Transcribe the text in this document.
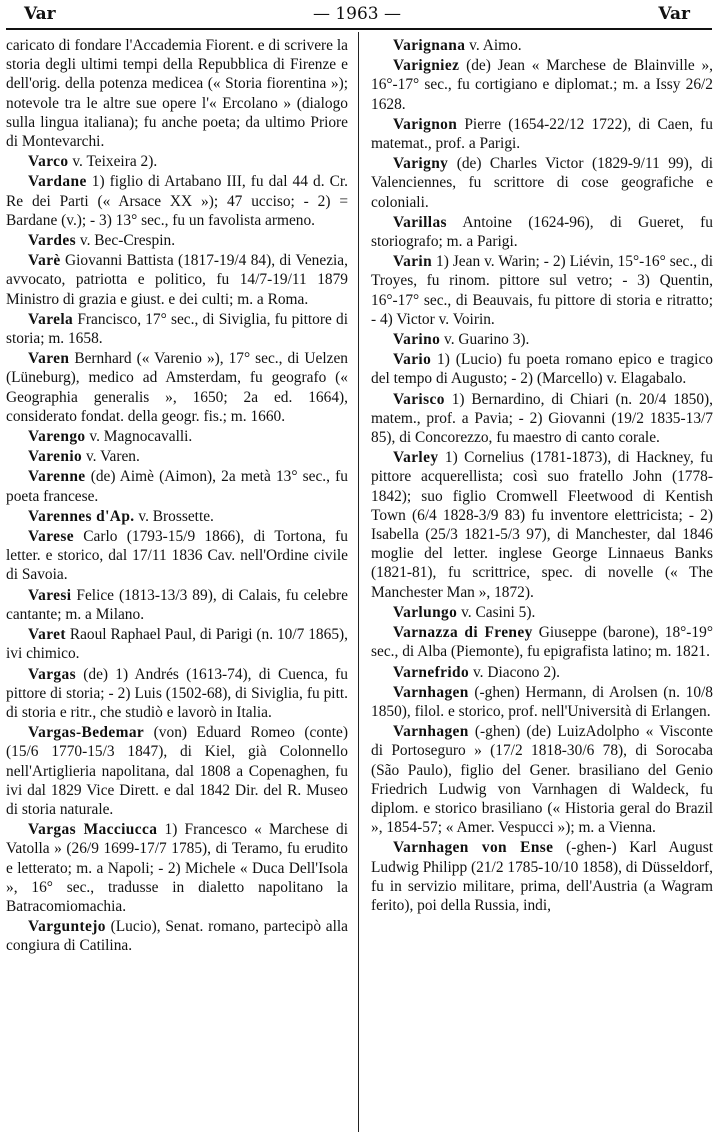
Var	— 1963 —	Var

caricato di fondare l'Accademia Fiorent. e di scrivere la storia degli ultimi tempi della Repubblica di Firenze e dell'orig. della potenza medicea (« Storia fiorentina »); notevole tra le altre sue opere l'« Ercolano » (dialogo sulla lingua italiana); fu anche poeta; da ultimo Priore di Montevarchi.

Varco v. Teixeira 2).

Vardane 1) figlio di Artabano III, fu dal 44 d. Cr. Re dei Parti (« Arsace XX »); 47 ucciso; - 2) = Bardane (v.); - 3) 13° sec., fu un favolista armeno.

Vardes v. Bec-Crespin.

Varè Giovanni Battista (1817-19/4 84), di Venezia, avvocato, patriotta e politico, fu 14/7-19/11 1879 Ministro di grazia e giust. e dei culti; m. a Roma.

Varela Francisco, 17° sec., di Siviglia, fu pittore di storia; m. 1658.

Varen Bernhard (« Varenio »), 17° sec., di Uelzen (Lüneburg), medico ad Amsterdam, fu geografo (« Geographia generalis », 1650; 2a ed. 1664), considerato fondat. della geogr. fis.; m. 1660.

Varengo v. Magnocavalli.

Varenio v. Varen.

Varenne (de) Aimè (Aimon), 2a metà 13° sec., fu poeta francese.

Varennes d'Ap. v. Brossette.

Varese Carlo (1793-15/9 1866), di Tortona, fu letter. e storico, dal 17/11 1836 Cav. nell'Ordine civile di Savoia.

Varesi Felice (1813-13/3 89), di Calais, fu celebre cantante; m. a Milano.

Varet Raoul Raphael Paul, di Parigi (n. 10/7 1865), ivi chimico.

Vargas (de) 1) Andrés (1613-74), di Cuenca, fu pittore di storia; - 2) Luis (1502-68), di Siviglia, fu pitt. di storia e ritr., che studiò e lavorò in Italia.

Vargas-Bedemar (von) Eduard Romeo (conte) (15/6 1770-15/3 1847), di Kiel, già Colonnello nell'Artiglieria napolitana, dal 1808 a Copenaghen, fu ivi dal 1829 Vice Dirett. e dal 1842 Dir. del R. Museo di storia naturale.

Vargas Macciucca 1) Francesco « Marchese di Vatolla » (26/9 1699-17/7 1785), di Teramo, fu erudito e letterato; m. a Napoli; - 2) Michele « Duca Dell'Isola », 16° sec., tradusse in dialetto napolitano la Batracomiomachia.

Varguntejo (Lucio), Senat. romano, partecipò alla congiura di Catilina.

Varignana v. Aimo.

Varigniez (de) Jean « Marchese de Blainville », 16°-17° sec., fu cortigiano e diplomat.; m. a Issy 26/2 1628.

Varignon Pierre (1654-22/12 1722), di Caen, fu matemat., prof. a Parigi.

Varigny (de) Charles Victor (1829-9/11 99), di Valenciennes, fu scrittore di cose geografiche e coloniali.

Varillas Antoine (1624-96), di Gueret, fu storiografo; m. a Parigi.

Varin 1) Jean v. Warin; - 2) Liévin, 15°-16° sec., di Troyes, fu rinom. pittore sul vetro; - 3) Quentin, 16°-17° sec., di Beauvais, fu pittore di storia e ritratto; - 4) Victor v. Voirin.

Varino v. Guarino 3).

Vario 1) (Lucio) fu poeta romano epico e tragico del tempo di Augusto; - 2) (Marcello) v. Elagabalo.

Varisco 1) Bernardino, di Chiari (n. 20/4 1850), matem., prof. a Pavia; - 2) Giovanni (19/2 1835-13/7 85), di Concorezzo, fu maestro di canto corale.

Varley 1) Cornelius (1781-1873), di Hackney, fu pittore acquerellista; così suo fratello John (1778-1842); suo figlio Cromwell Fleetwood di Kentish Town (6/4 1828-3/9 83) fu inventore elettricista; - 2) Isabella (25/3 1821-5/3 97), di Manchester, dal 1846 moglie del letter. inglese George Linnaeus Banks (1821-81), fu scrittrice, spec. di novelle (« The Manchester Man », 1872).

Varlungo v. Casini 5).

Varnazza di Freney Giuseppe (barone), 18°-19° sec., di Alba (Piemonte), fu epigrafista latino; m. 1821.

Varnefrido v. Diacono 2).

Varnhagen (-ghen) Hermann, di Arolsen (n. 10/8 1850), filol. e storico, prof. nell'Università di Erlangen.

Varnhagen (-ghen) (de) LuizAdolpho « Visconte di Portoseguro » (17/2 1818-30/6 78), di Sorocaba (São Paulo), figlio del Gener. brasiliano del Genio Friedrich Ludwig von Varnhagen di Waldeck, fu diplom. e storico brasiliano (« Historia geral do Brazil », 1854-57; « Amer. Vespucci »); m. a Vienna.

Varnhagen von Ense (-ghen-) Karl August Ludwig Philipp (21/2 1785-10/10 1858), di Düsseldorf, fu in servizio militare, prima, dell'Austria (a Wagram ferito), poi della Russia, indi,
